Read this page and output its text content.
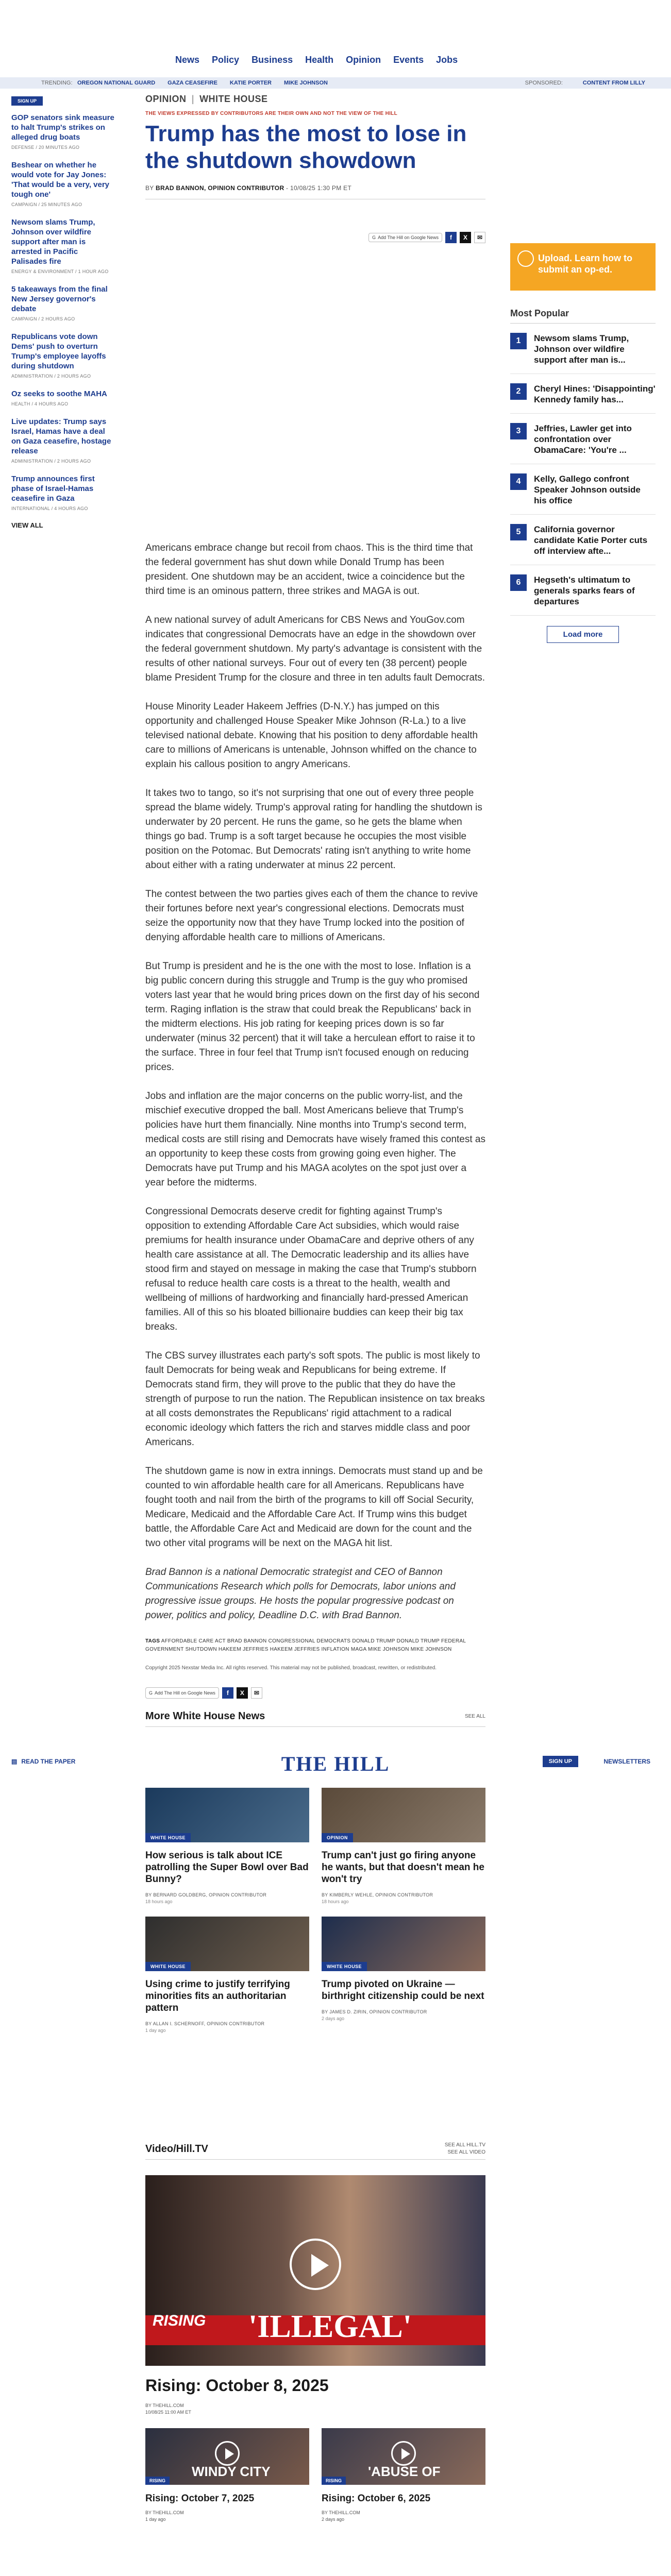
News Policy Business Health Opinion Events Jobs
TRENDING: OREGON NATIONAL GUARD GAZA CEASEFIRE KATIE PORTER MIKE JOHNSON	SPONSORED:	CONTENT FROM LILLY
SIGN UP
GOP senators sink measure to halt Trump's strikes on alleged drug boats
DEFENSE / 20 MINUTES AGO
Beshear on whether he would vote for Jay Jones: 'That would be a very, very tough one'
CAMPAIGN / 25 MINUTES AGO
Newsom slams Trump, Johnson over wildfire support after man is arrested in Pacific Palisades fire
ENERGY & ENVIRONMENT / 1 HOUR AGO
5 takeaways from the final New Jersey governor's debate
CAMPAIGN / 2 HOURS AGO
Republicans vote down Dems' push to overturn Trump's employee layoffs during shutdown
ADMINISTRATION / 2 HOURS AGO
Oz seeks to soothe MAHA
HEALTH / 4 HOURS AGO
Live updates: Trump says Israel, Hamas have a deal on Gaza ceasefire, hostage release
ADMINISTRATION / 2 HOURS AGO
Trump announces first phase of Israel-Hamas ceasefire in Gaza
INTERNATIONAL / 4 HOURS AGO
VIEW ALL
OPINION | WHITE HOUSE
THE VIEWS EXPRESSED BY CONTRIBUTORS ARE THEIR OWN AND NOT THE VIEW OF THE HILL
Trump has the most to lose in the shutdown showdown
BY BRAD BANNON, OPINION CONTRIBUTOR - 10/08/25 1:30 PM ET
G Add The Hill on Google News	f	X	✉
Upload. Learn how to submit an op-ed.
Most Popular
1	Newsom slams Trump, Johnson over wildfire support after man is...
2	Cheryl Hines: 'Disappointing' Kennedy family has...
3	Jeffries, Lawler get into confrontation over ObamaCare: 'You're ...
4	Kelly, Gallego confront Speaker Johnson outside his office
5	California governor candidate Katie Porter cuts off interview afte...
6	Hegseth's ultimatum to generals sparks fears of departures
Load more

Americans embrace change but recoil from chaos. This is the third time that the federal government has shut down while Donald Trump has been president. One shutdown may be an accident, twice a coincidence but the third time is an ominous pattern, three strikes and MAGA is out.

A new national survey of adult Americans for CBS News and YouGov.com indicates that congressional Democrats have an edge in the showdown over the federal government shutdown. My party's advantage is consistent with the results of other national surveys. Four out of every ten (38 percent) people blame President Trump for the closure and three in ten adults fault Democrats.

House Minority Leader Hakeem Jeffries (D-N.Y.) has jumped on this opportunity and challenged House Speaker Mike Johnson (R-La.) to a live televised national debate. Knowing that his position to deny affordable health care to millions of Americans is untenable, Johnson whiffed on the chance to explain his callous position to angry Americans.

It takes two to tango, so it's not surprising that one out of every three people spread the blame widely. Trump's approval rating for handling the shutdown is underwater by 20 percent. He runs the game, so he gets the blame when things go bad. Trump is a soft target because he occupies the most visible position on the Potomac. But Democrats' rating isn't anything to write home about either with a rating underwater at minus 22 percent.

The contest between the two parties gives each of them the chance to revive their fortunes before next year's congressional elections. Democrats must seize the opportunity now that they have Trump locked into the position of denying affordable health care to millions of Americans.

But Trump is president and he is the one with the most to lose. Inflation is a big public concern during this struggle and Trump is the guy who promised voters last year that he would bring prices down on the first day of his second term. Raging inflation is the straw that could break the Republicans' back in the midterm elections. His job rating for keeping prices down is so far underwater (minus 32 percent) that it will take a herculean effort to raise it to the surface. Three in four feel that Trump isn't focused enough on reducing prices.

Jobs and inflation are the major concerns on the public worry-list, and the mischief executive dropped the ball. Most Americans believe that Trump's policies have hurt them financially. Nine months into Trump's second term, medical costs are still rising and Democrats have wisely framed this contest as an opportunity to keep these costs from growing going even higher. The Democrats have put Trump and his MAGA acolytes on the spot just over a year before the midterms.

Congressional Democrats deserve credit for fighting against Trump's opposition to extending Affordable Care Act subsidies, which would raise premiums for health insurance under ObamaCare and deprive others of any health care assistance at all. The Democratic leadership and its allies have stood firm and stayed on message in making the case that Trump's stubborn refusal to reduce health care costs is a threat to the health, wealth and wellbeing of millions of hardworking and financially hard-pressed American families. All of this so his bloated billionaire buddies can keep their big tax breaks.

The CBS survey illustrates each party's soft spots. The public is most likely to fault Democrats for being weak and Republicans for being extreme. If Democrats stand firm, they will prove to the public that they do have the strength of purpose to run the nation. The Republican insistence on tax breaks at all costs demonstrates the Republicans' rigid attachment to a radical economic ideology which fatters the rich and starves middle class and poor Americans.

The shutdown game is now in extra innings. Democrats must stand up and be counted to win affordable health care for all Americans. Republicans have fought tooth and nail from the birth of the programs to kill off Social Security, Medicare, Medicaid and the Affordable Care Act. If Trump wins this budget battle, the Affordable Care Act and Medicaid are down for the count and the two other vital programs will be next on the MAGA hit list.

Brad Bannon is a national Democratic strategist and CEO of Bannon Communications Research which polls for Democrats, labor unions and progressive issue groups. He hosts the popular progressive podcast on power, politics and policy, Deadline D.C. with Brad Bannon.

TAGS AFFORDABLE CARE ACT BRAD BANNON CONGRESSIONAL DEMOCRATS DONALD TRUMP DONALD TRUMP FEDERAL GOVERNMENT SHUTDOWN HAKEEM JEFFRIES HAKEEM JEFFRIES INFLATION MAGA MIKE JOHNSON MIKE JOHNSON
Copyright 2025 Nexstar Media Inc. All rights reserved. This material may not be published, broadcast, rewritten, or redistributed.
G Add The Hill on Google News	f	X	✉
More White House News	SEE ALL
▤ READ THE PAPER	THE HILL	SIGN UP	NEWSLETTERS
WHITE HOUSE
How serious is talk about ICE patrolling the Super Bowl over Bad Bunny?
BY BERNARD GOLDBERG, OPINION CONTRIBUTOR
18 hours ago
OPINION
Trump can't just go firing anyone he wants, but that doesn't mean he won't try
BY KIMBERLY WEHLE, OPINION CONTRIBUTOR
18 hours ago
WHITE HOUSE
Using crime to justify terrifying minorities fits an authoritarian pattern
BY ALLAN I. SCHERNOFF, OPINION CONTRIBUTOR
1 day ago
WHITE HOUSE
Trump pivoted on Ukraine — birthright citizenship could be next
BY JAMES D. ZIRIN, OPINION CONTRIBUTOR
2 days ago
Video/Hill.TV	SEE ALL HILL.TV
SEE ALL VIDEO
RISING 'ILLEGAL'
Rising: October 8, 2025
BY THEHILL.COM
10/08/25 11:00 AM ET
WINDY CITY
RISING
Rising: October 7, 2025
BY THEHILL.COM
1 day ago
'ABUSE OF
RISING
Rising: October 6, 2025
BY THEHILL.COM
2 days ago
